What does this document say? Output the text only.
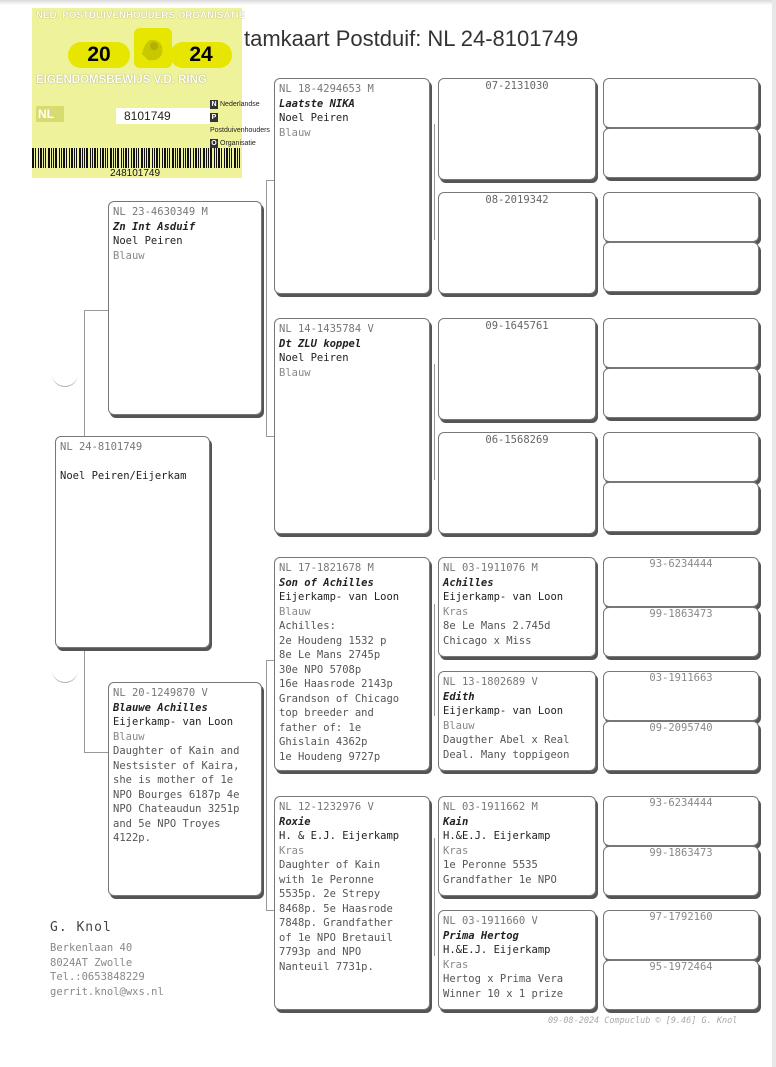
NED. POSTDUIVENHOUDERS ORGANISATIE
20	24
EIGENDOMSBEWIJS V.D. RING
NL	8101749
N Nederlandse
PPostduivenhouders
O Organisatie
248101749
tamkaart Postduif: NL 24-8101749
NL 24-8101749
Noel Peiren/Eijerkam
NL 23-4630349 M
Zn Int Asduif
Noel Peiren
Blauw
NL 20-1249870 V
Blauwe Achilles
Eijerkamp- van Loon
Blauw
Daughter of Kain and
Nestsister of Kaira,
she is mother of 1e
NPO Bourges 6187p 4e
NPO Chateaudun 3251p
and 5e NPO Troyes
4122p.
NL 18-4294653 M
Laatste NIKA
Noel Peiren
Blauw
NL 14-1435784 V
Dt ZLU koppel
Noel Peiren
Blauw
NL 17-1821678 M
Son of Achilles
Eijerkamp- van Loon
Blauw
Achilles:
2e Houdeng 1532 p
8e Le Mans 2745p
30e NPO 5708p
16e Haasrode 2143p
Grandson of Chicago
top breeder and
father of: 1e
Ghislain 4362p
1e Houdeng 9727p
NL 12-1232976 V
Roxie
H. & E.J. Eijerkamp
Kras
Daughter of Kain
with 1e Peronne
5535p. 2e Strepy
8468p. 5e Haasrode
7848p. Grandfather
of 1e NPO Bretauil
7793p and NPO
Nanteuil 7731p.
07-2131030
08-2019342
09-1645761
06-1568269
NL 03-1911076 M
Achilles
Eijerkamp- van Loon
Kras
8e Le Mans 2.745d
Chicago x Miss
NL 13-1802689 V
Edith
Eijerkamp- van Loon
Blauw
Daugther Abel x Real
Deal. Many toppigeon
NL 03-1911662 M
Kain
H.&E.J. Eijerkamp
Kras
1e Peronne 5535
Grandfather 1e NPO
NL 03-1911660 V
Prima Hertog
H.&E.J. Eijerkamp
Kras
Hertog x Prima Vera
Winner 10 x 1 prize
93-6234444
99-1863473
03-1911663
09-2095740
93-6234444
99-1863473
97-1792160
95-1972464
G. Knol
Berkenlaan 40
8024AT Zwolle
Tel.:0653848229
gerrit.knol@wxs.nl
09-08-2024 Compuclub © [9.46] G. Knol
